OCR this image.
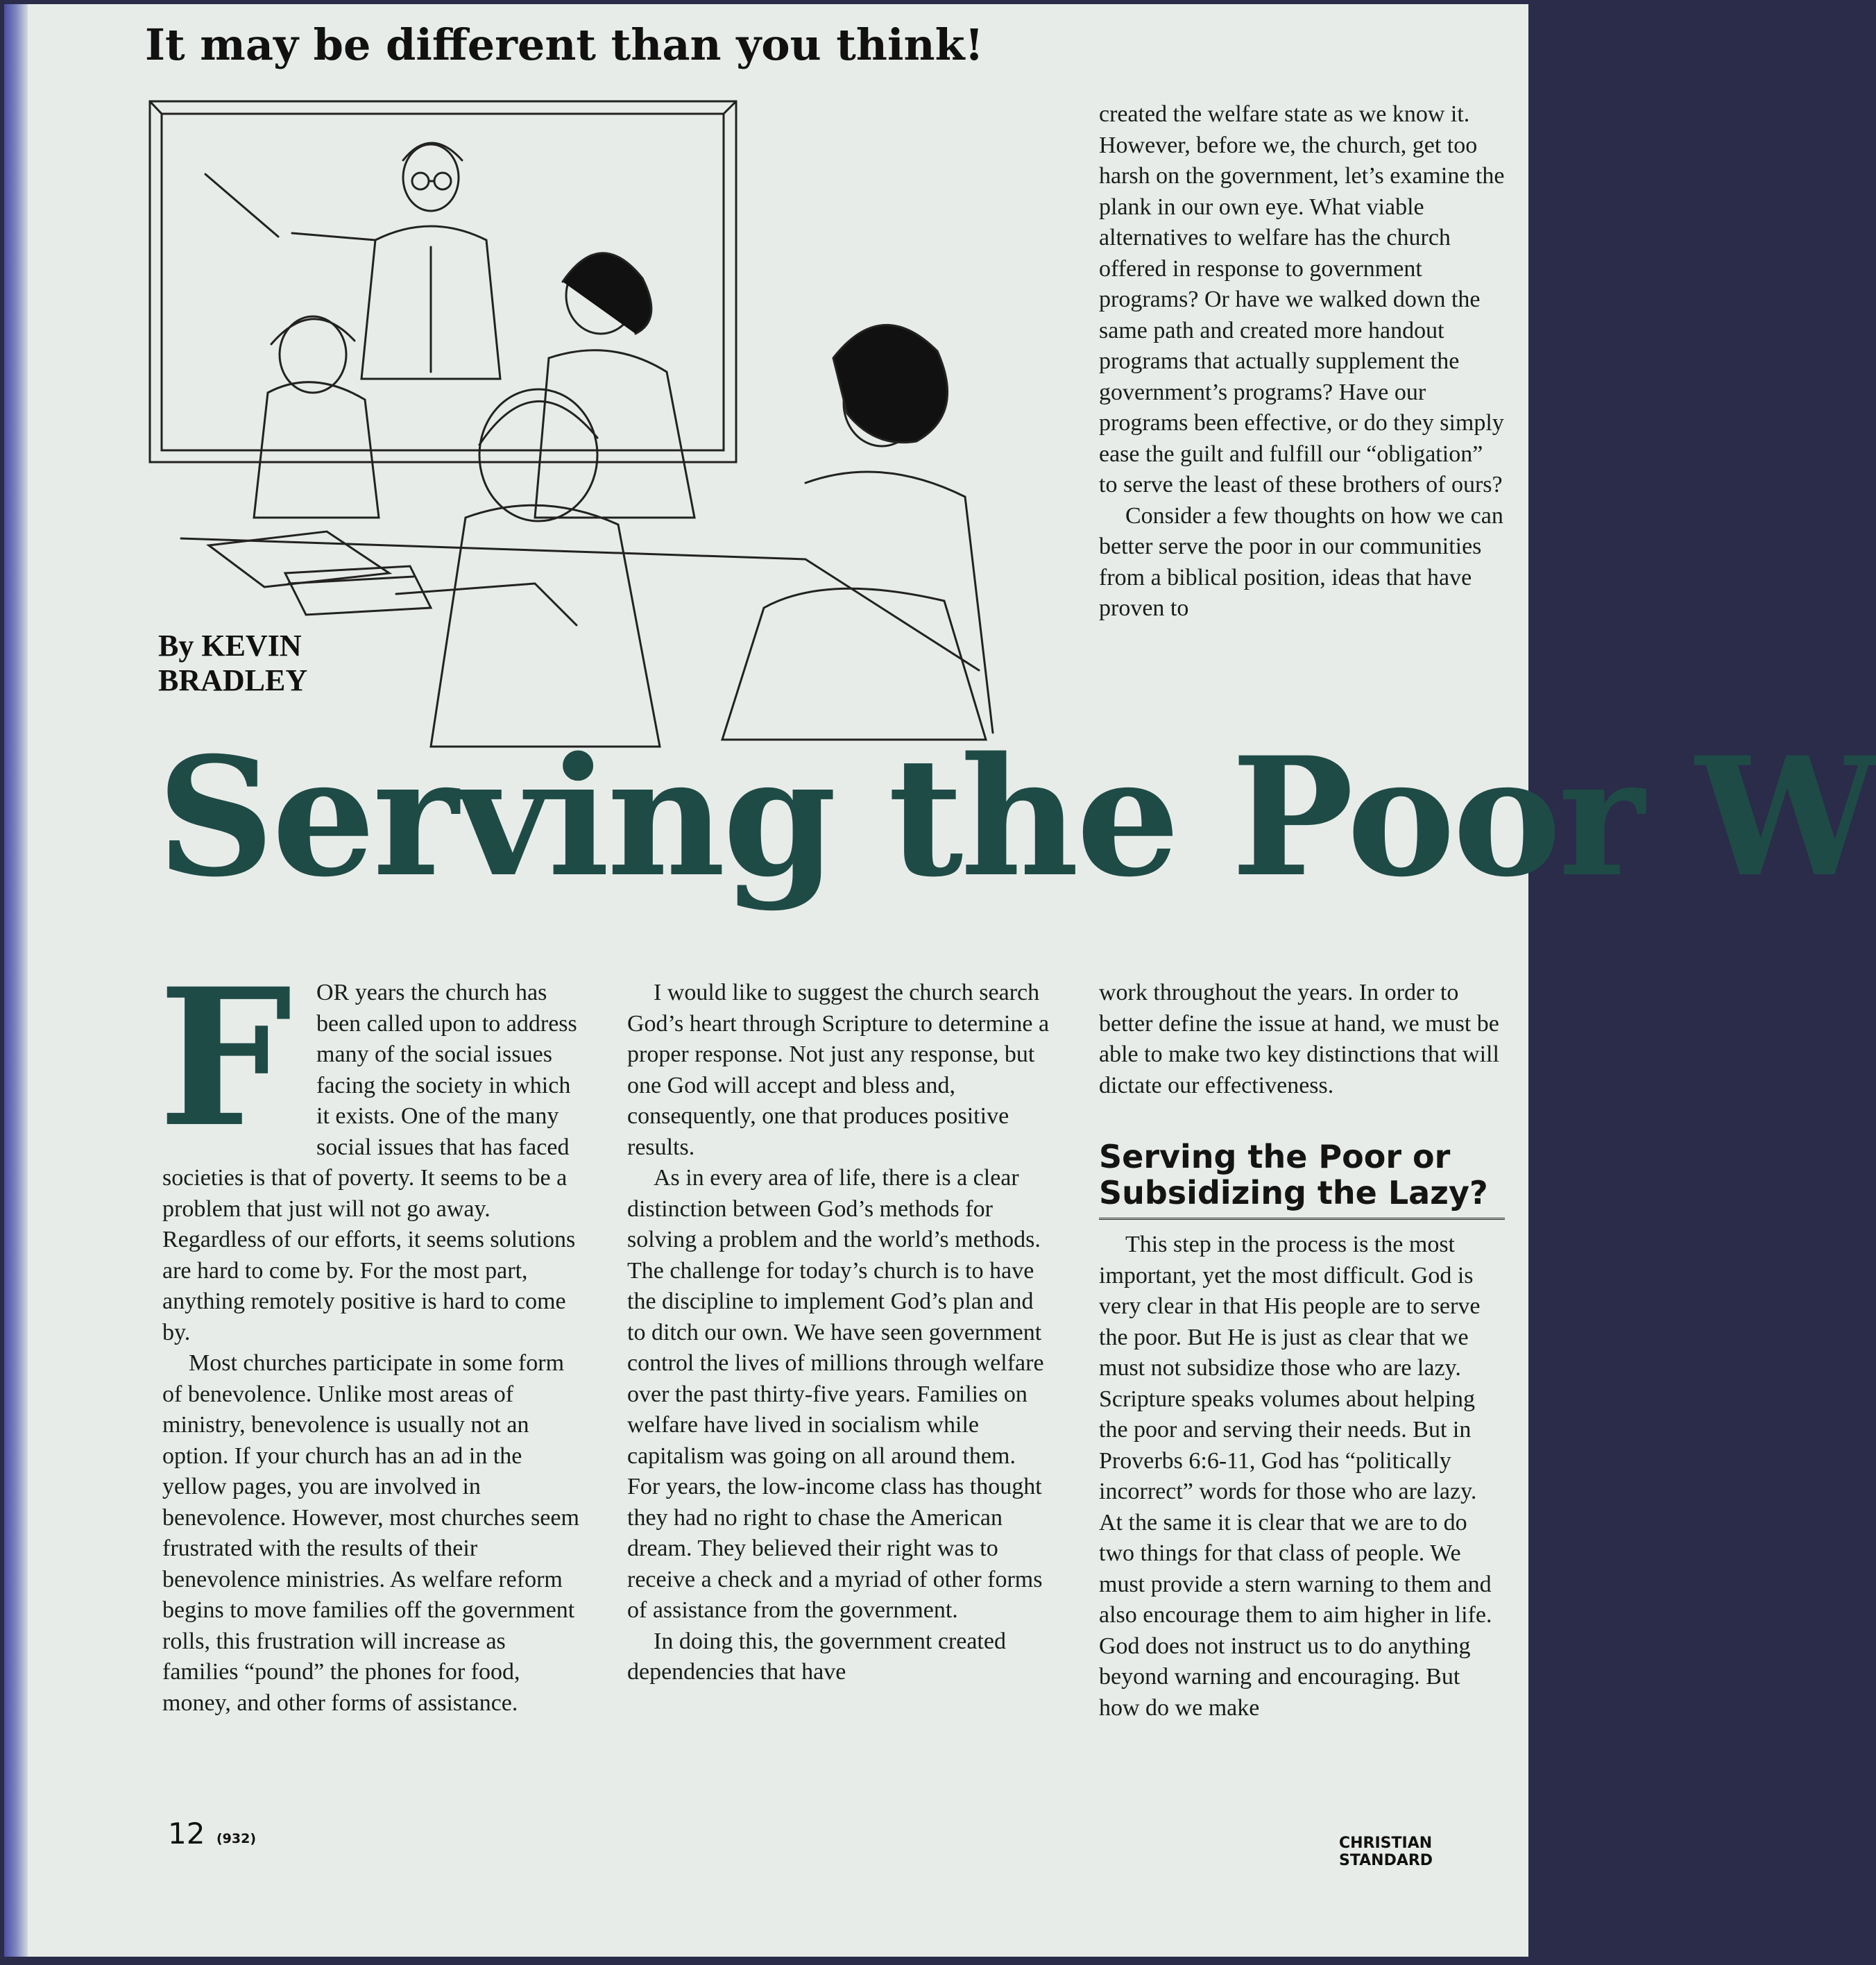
It may be different than you think!
By KEVIN
BRADLEY

created the welfare state as we know it. However, before we, the church, get too harsh on the government, let’s examine the plank in our own eye. What viable alternatives to welfare has the church offered in response to government programs? Or have we walked down the same path and created more handout programs that actually supplement the government’s programs? Have our programs been effective, or do they simply ease the guilt and fulfill our “obligation” to serve the least of these brothers of ours?

Consider a few thoughts on how we can better serve the poor in our communities from a biblical position, ideas that have proven to

Serving the Poor W
F	OR years the church has been called upon to address many of the social issues facing the society in which it exists. One of the many social issues that has faced societies is that of poverty. It seems to be a problem that just will not go away. Regardless of our efforts, it seems solutions are hard to come by. For the most part, anything remotely positive is hard to come by.

Most churches participate in some form of benevolence. Unlike most areas of ministry, benevolence is usually not an option. If your church has an ad in the yellow pages, you are involved in benevolence. However, most churches seem frustrated with the results of their benevolence ministries. As welfare reform begins to move families off the government rolls, this frustration will increase as families “pound” the phones for food, money, and other forms of assistance.

I would like to suggest the church search God’s heart through Scripture to determine a proper response. Not just any response, but one God will accept and bless and, consequently, one that produces positive results.

As in every area of life, there is a clear distinction between God’s methods for solving a problem and the world’s methods. The challenge for today’s church is to have the discipline to implement God’s plan and to ditch our own. We have seen government control the lives of millions through welfare over the past thirty-five years. Families on welfare have lived in socialism while capitalism was going on all around them. For years, the low-income class has thought they had no right to chase the American dream. They believed their right was to receive a check and a myriad of other forms of assistance from the government.

In doing this, the government created dependencies that have

work throughout the years. In order to better define the issue at hand, we must be able to make two key distinctions that will dictate our effectiveness.

Serving the Poor or Subsidizing the Lazy?

This step in the process is the most important, yet the most difficult. God is very clear in that His people are to serve the poor. But He is just as clear that we must not subsidize those who are lazy. Scripture speaks volumes about helping the poor and serving their needs. But in Proverbs 6:6-11, God has “politically incorrect” words for those who are lazy. At the same it is clear that we are to do two things for that class of people. We must provide a stern warning to them and also encourage them to aim higher in life. God does not instruct us to do anything beyond warning and encouraging. But how do we make

12 (932)	CHRISTIAN STANDARD
